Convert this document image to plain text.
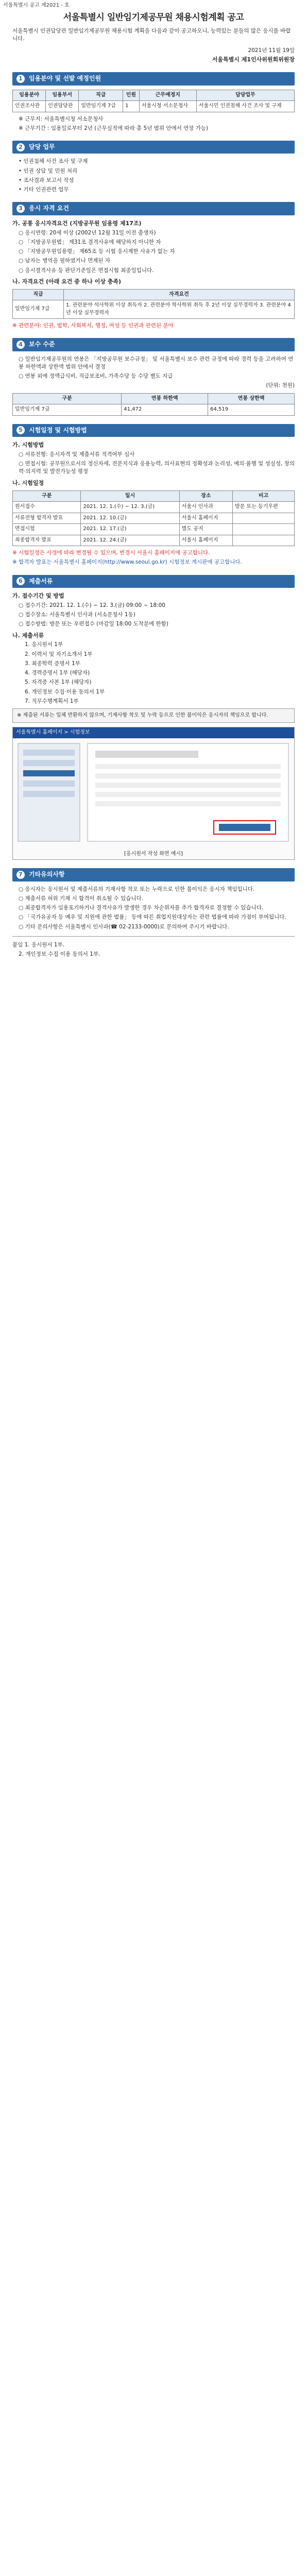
서울특별시 공고 제2021 - 호
서울특별시 일반임기제공무원 채용시험계획 공고

서울특별시 인권담당관 일반임기제공무원 채용시험 계획을 다음과 같이 공고하오니, 능력있는 분들의 많은 응시를 바랍니다.

2021년 11월 19일
서울특별시 제1인사위원회위원장
1	임용분야 및 선발 예정인원
임용분야	임용부서	직급	인원	근무예정지	담당업무
인권조사관	인권담당관	일반임기제 7급	1	서울시청 서소문청사	서울시민 인권침해 사건 조사 및 구제

※ 근무지: 서울특별시청 서소문청사

※ 근무기간 : 임용일로부터 2년 (근무실적에 따라 총 5년 범위 안에서 연장 가능)

2	담당 업무

• 인권침해 사건 조사 및 구제

• 인권 상담 및 민원 처리

• 조사결과 보고서 작성

• 기타 인권관련 업무

3	응시 자격 요건
가. 공통 응시자격요건 (지방공무원 임용령 제17조)

○ 응시연령: 20세 이상 (2002년 12월 31일 이전 출생자)

○ 「지방공무원법」 제31조 결격사유에 해당하지 아니한 자

○ 「지방공무원임용령」 제65조 등 시험 응시제한 사유가 없는 자

○ 남자는 병역을 필하였거나 면제된 자

○ 응시결격사유 등 판단기준일은 면접시험 최종일입니다.

나. 자격요건 (아래 요건 중 하나 이상 충족)
직급	자격요건
일반임기제 7급	1. 관련분야 석사학위 이상 취득자 2. 관련분야 학사학위 취득 후 2년 이상 실무경력자 3. 관련분야 4년 이상 실무경력자

※ 관련분야: 인권, 법학, 사회복지, 행정, 여성 등 인권과 관련된 분야

4	보수 수준

○ 일반임기제공무원의 연봉은 「지방공무원 보수규정」 및 서울특별시 보수 관련 규정에 따라 경력 등을 고려하여 연봉 하한액과 상한액 범위 안에서 결정

○ 연봉 외에 정액급식비, 직급보조비, 가족수당 등 수당 별도 지급

(단위: 천원)

구분	연봉 하한액	연봉 상한액
일반임기제 7급	41,472	64,519
5	시험일정 및 시험방법
가. 시험방법

○ 서류전형: 응시자격 및 제출서류 적격여부 심사

○ 면접시험: 공무원으로서의 정신자세, 전문지식과 응용능력, 의사표현의 정확성과 논리성, 예의·품행 및 성실성, 창의력·의지력 및 발전가능성 평정

나. 시험일정
구분	일시	장소	비고
원서접수	2021. 12. 1.(수) ~ 12. 3.(금)	서울시 인사과	방문 또는 등기우편
서류전형 합격자 발표	2021. 12. 10.(금)	서울시 홈페이지	
면접시험	2021. 12. 17.(금)	별도 공지	
최종합격자 발표	2021. 12. 24.(금)	서울시 홈페이지	

※ 시험일정은 사정에 따라 변경될 수 있으며, 변경시 서울시 홈페이지에 공고합니다.

※ 합격자 발표는 서울특별시 홈페이지(http://www.seoul.go.kr) 시험정보 게시판에 공고합니다.

6	제출서류
가. 접수기간 및 방법

○ 접수기간: 2021. 12. 1.(수) ~ 12. 3.(금) 09:00 ~ 18:00

○ 접수장소: 서울특별시 인사과 (서소문청사 1동)

○ 접수방법: 방문 또는 우편접수 (마감일 18:00 도착분에 한함)

나. 제출서류

1. 응시원서 1부

2. 이력서 및 자기소개서 1부

3. 최종학력 증명서 1부

4. 경력증명서 1부 (해당자)

5. 자격증 사본 1부 (해당자)

6. 개인정보 수집·이용 동의서 1부

7. 직무수행계획서 1부

※ 제출된 서류는 일체 반환하지 않으며, 기재사항 착오 및 누락 등으로 인한 불이익은 응시자의 책임으로 합니다.
서울특별시 홈페이지 > 시험정보
[응시원서 작성 화면 예시]
7	기타유의사항

○ 응시자는 응시원서 및 제출서류의 기재사항 착오 또는 누락으로 인한 불이익은 응시자 책임입니다.

○ 제출서류 허위 기재 시 합격이 취소될 수 있습니다.

○ 최종합격자가 임용포기하거나 결격사유가 발생한 경우 차순위자를 추가 합격자로 결정할 수 있습니다.

○ 「국가유공자 등 예우 및 지원에 관한 법률」 등에 따른 취업지원대상자는 관련 법률에 따라 가점이 부여됩니다.

○ 기타 문의사항은 서울특별시 인사과(☎ 02-2133-0000)로 문의하여 주시기 바랍니다.

붙임 1. 응시원서 1부.

2. 개인정보 수집 이용 동의서 1부.
